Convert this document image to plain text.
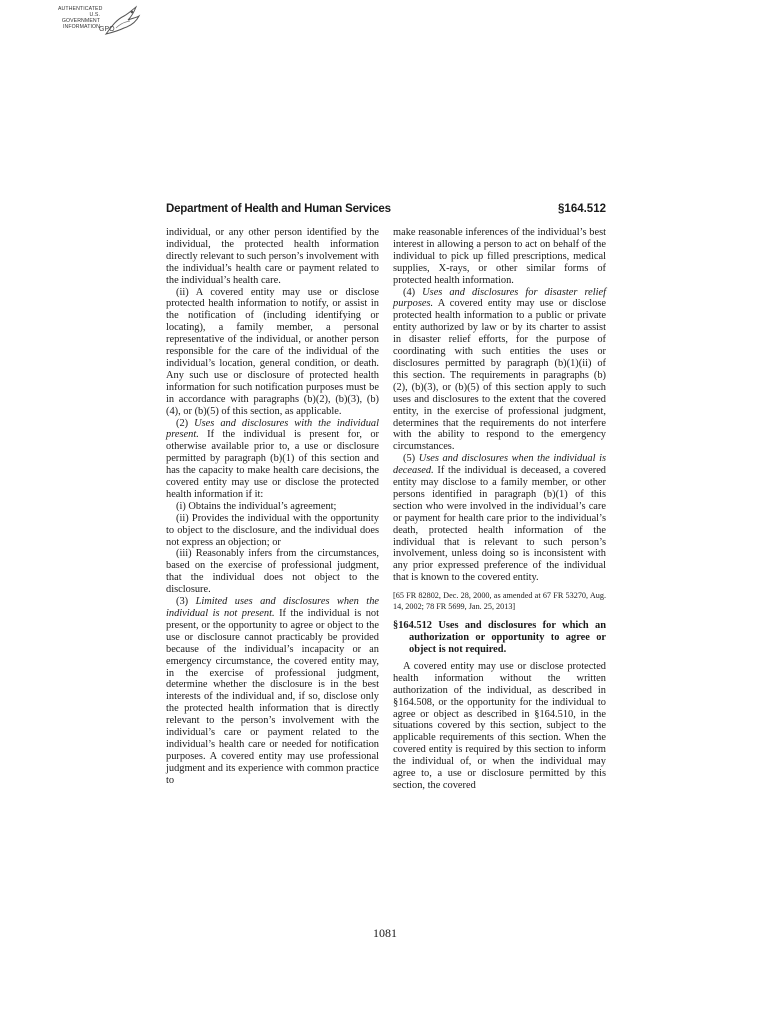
AUTHENTICATED
U.S. GOVERNMENT
INFORMATION GPO
Department of Health and Human Services	§164.512

individual, or any other person identified by the individual, the protected health information directly relevant to such person’s involvement with the individual’s health care or payment related to the individual’s health care.

(ii) A covered entity may use or disclose protected health information to notify, or assist in the notification of (including identifying or locating), a family member, a personal representative of the individual, or another person responsible for the care of the individual of the individual’s location, general condition, or death. Any such use or disclosure of protected health information for such notification purposes must be in accordance with paragraphs (b)(2), (b)(3), (b)(4), or (b)(5) of this section, as applicable.

(2) Uses and disclosures with the individual present. If the individual is present for, or otherwise available prior to, a use or disclosure permitted by paragraph (b)(1) of this section and has the capacity to make health care decisions, the covered entity may use or disclose the protected health information if it:

(i) Obtains the individual’s agreement;

(ii) Provides the individual with the opportunity to object to the disclosure, and the individual does not express an objection; or

(iii) Reasonably infers from the circumstances, based on the exercise of professional judgment, that the individual does not object to the disclosure.

(3) Limited uses and disclosures when the individual is not present. If the individual is not present, or the opportunity to agree or object to the use or disclosure cannot practicably be provided because of the individual’s incapacity or an emergency circumstance, the covered entity may, in the exercise of professional judgment, determine whether the disclosure is in the best interests of the individual and, if so, disclose only the protected health information that is directly relevant to the person’s involvement with the individual’s care or payment related to the individual’s health care or needed for notification purposes. A covered entity may use professional judgment and its experience with common practice to

make reasonable inferences of the individual’s best interest in allowing a person to act on behalf of the individual to pick up filled prescriptions, medical supplies, X-rays, or other similar forms of protected health information.

(4) Uses and disclosures for disaster relief purposes. A covered entity may use or disclose protected health information to a public or private entity authorized by law or by its charter to assist in disaster relief efforts, for the purpose of coordinating with such entities the uses or disclosures permitted by paragraph (b)(1)(ii) of this section. The requirements in paragraphs (b)(2), (b)(3), or (b)(5) of this section apply to such uses and disclosures to the extent that the covered entity, in the exercise of professional judgment, determines that the requirements do not interfere with the ability to respond to the emergency circumstances.

(5) Uses and disclosures when the individual is deceased. If the individual is deceased, a covered entity may disclose to a family member, or other persons identified in paragraph (b)(1) of this section who were involved in the individual’s care or payment for health care prior to the individual’s death, protected health information of the individual that is relevant to such person’s involvement, unless doing so is inconsistent with any prior expressed preference of the individual that is known to the covered entity.

[65 FR 82802, Dec. 28, 2000, as amended at 67 FR 53270, Aug. 14, 2002; 78 FR 5699, Jan. 25, 2013]

§164.512 Uses and disclosures for which an authorization or opportunity to agree or object is not required.

A covered entity may use or disclose protected health information without the written authorization of the individual, as described in §164.508, or the opportunity for the individual to agree or object as described in §164.510, in the situations covered by this section, subject to the applicable requirements of this section. When the covered entity is required by this section to inform the individual of, or when the individual may agree to, a use or disclosure permitted by this section, the covered

1081
